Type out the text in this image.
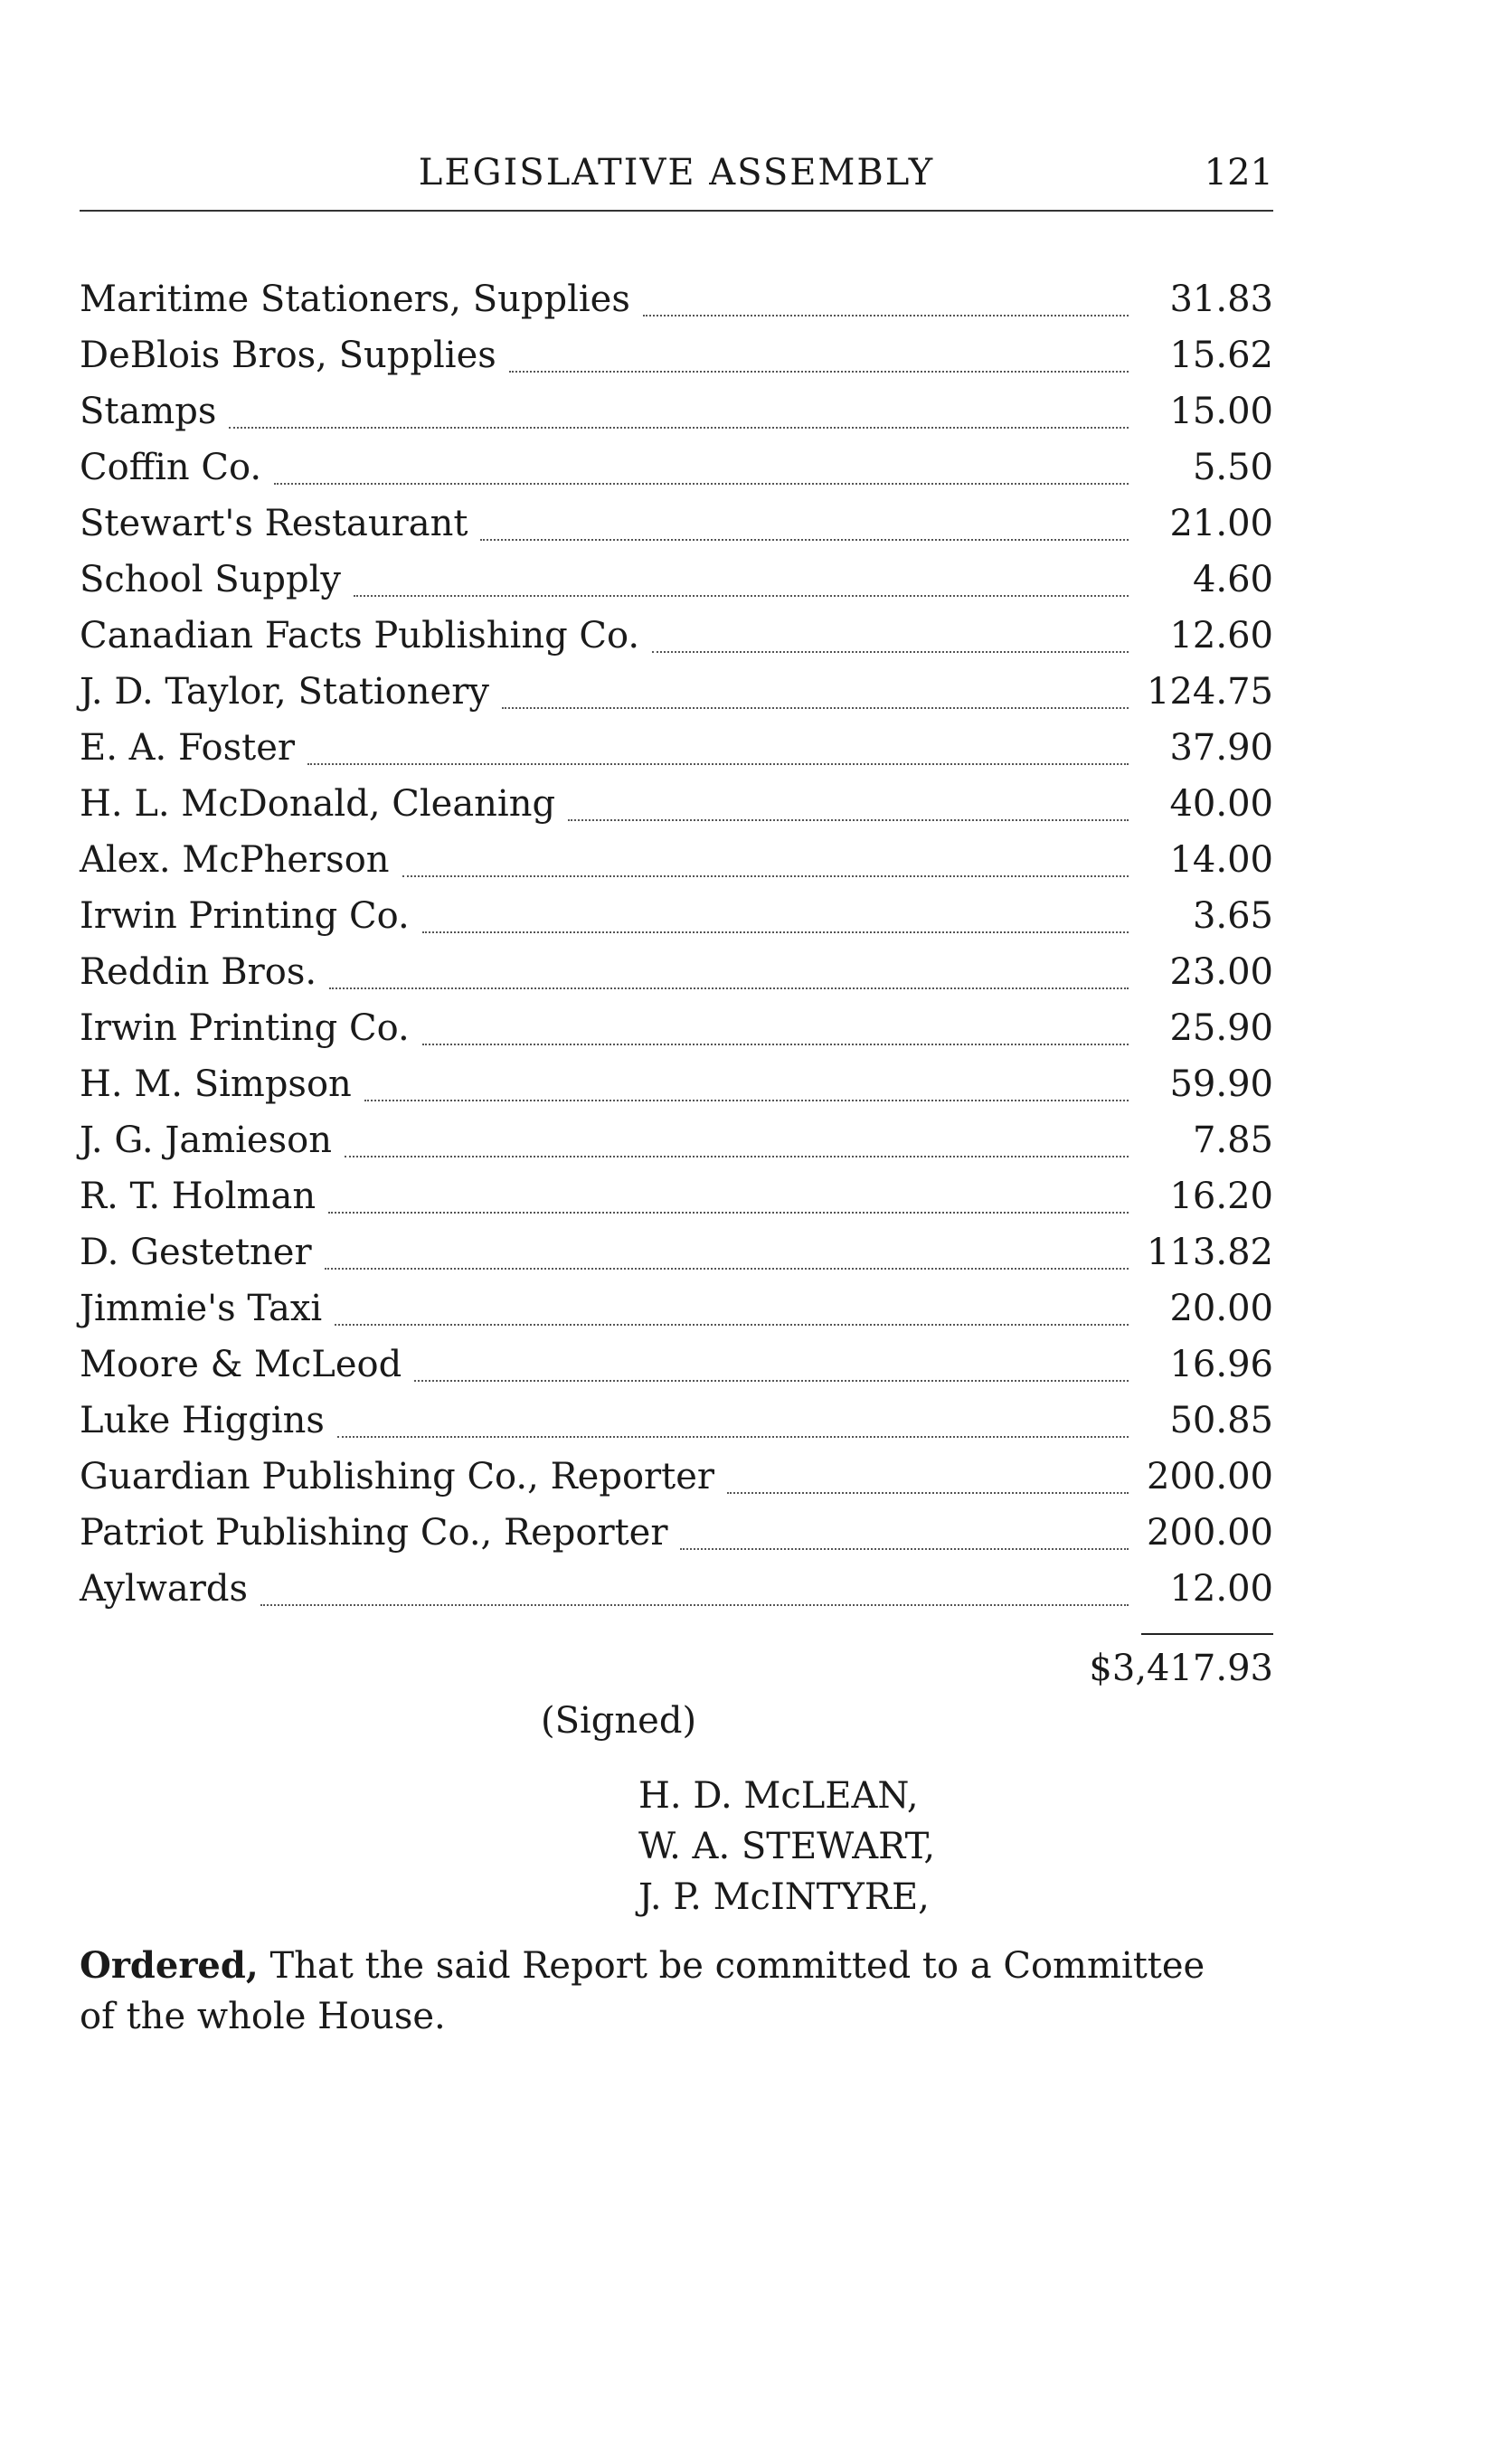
LEGISLATIVE ASSEMBLY	121
Maritime Stationers, Supplies	31.83
DeBlois Bros, Supplies	15.62
Stamps	15.00
Coffin Co.	5.50
Stewart's Restaurant	21.00
School Supply	4.60
Canadian Facts Publishing Co.	12.60
J. D. Taylor, Stationery	124.75
E. A. Foster	37.90
H. L. McDonald, Cleaning	40.00
Alex. McPherson	14.00
Irwin Printing Co.	3.65
Reddin Bros.	23.00
Irwin Printing Co.	25.90
H. M. Simpson	59.90
J. G. Jamieson	7.85
R. T. Holman	16.20
D. Gestetner	113.82
Jimmie's Taxi	20.00
Moore & McLeod	16.96
Luke Higgins	50.85
Guardian Publishing Co., Reporter	200.00
Patriot Publishing Co., Reporter	200.00
Aylwards	12.00
$3,417.93
(Signed)
H. D. McLEAN,
W. A. STEWART,
J. P. McINTYRE,
Ordered, That the said Report be committed to a Committee
of the whole House.
